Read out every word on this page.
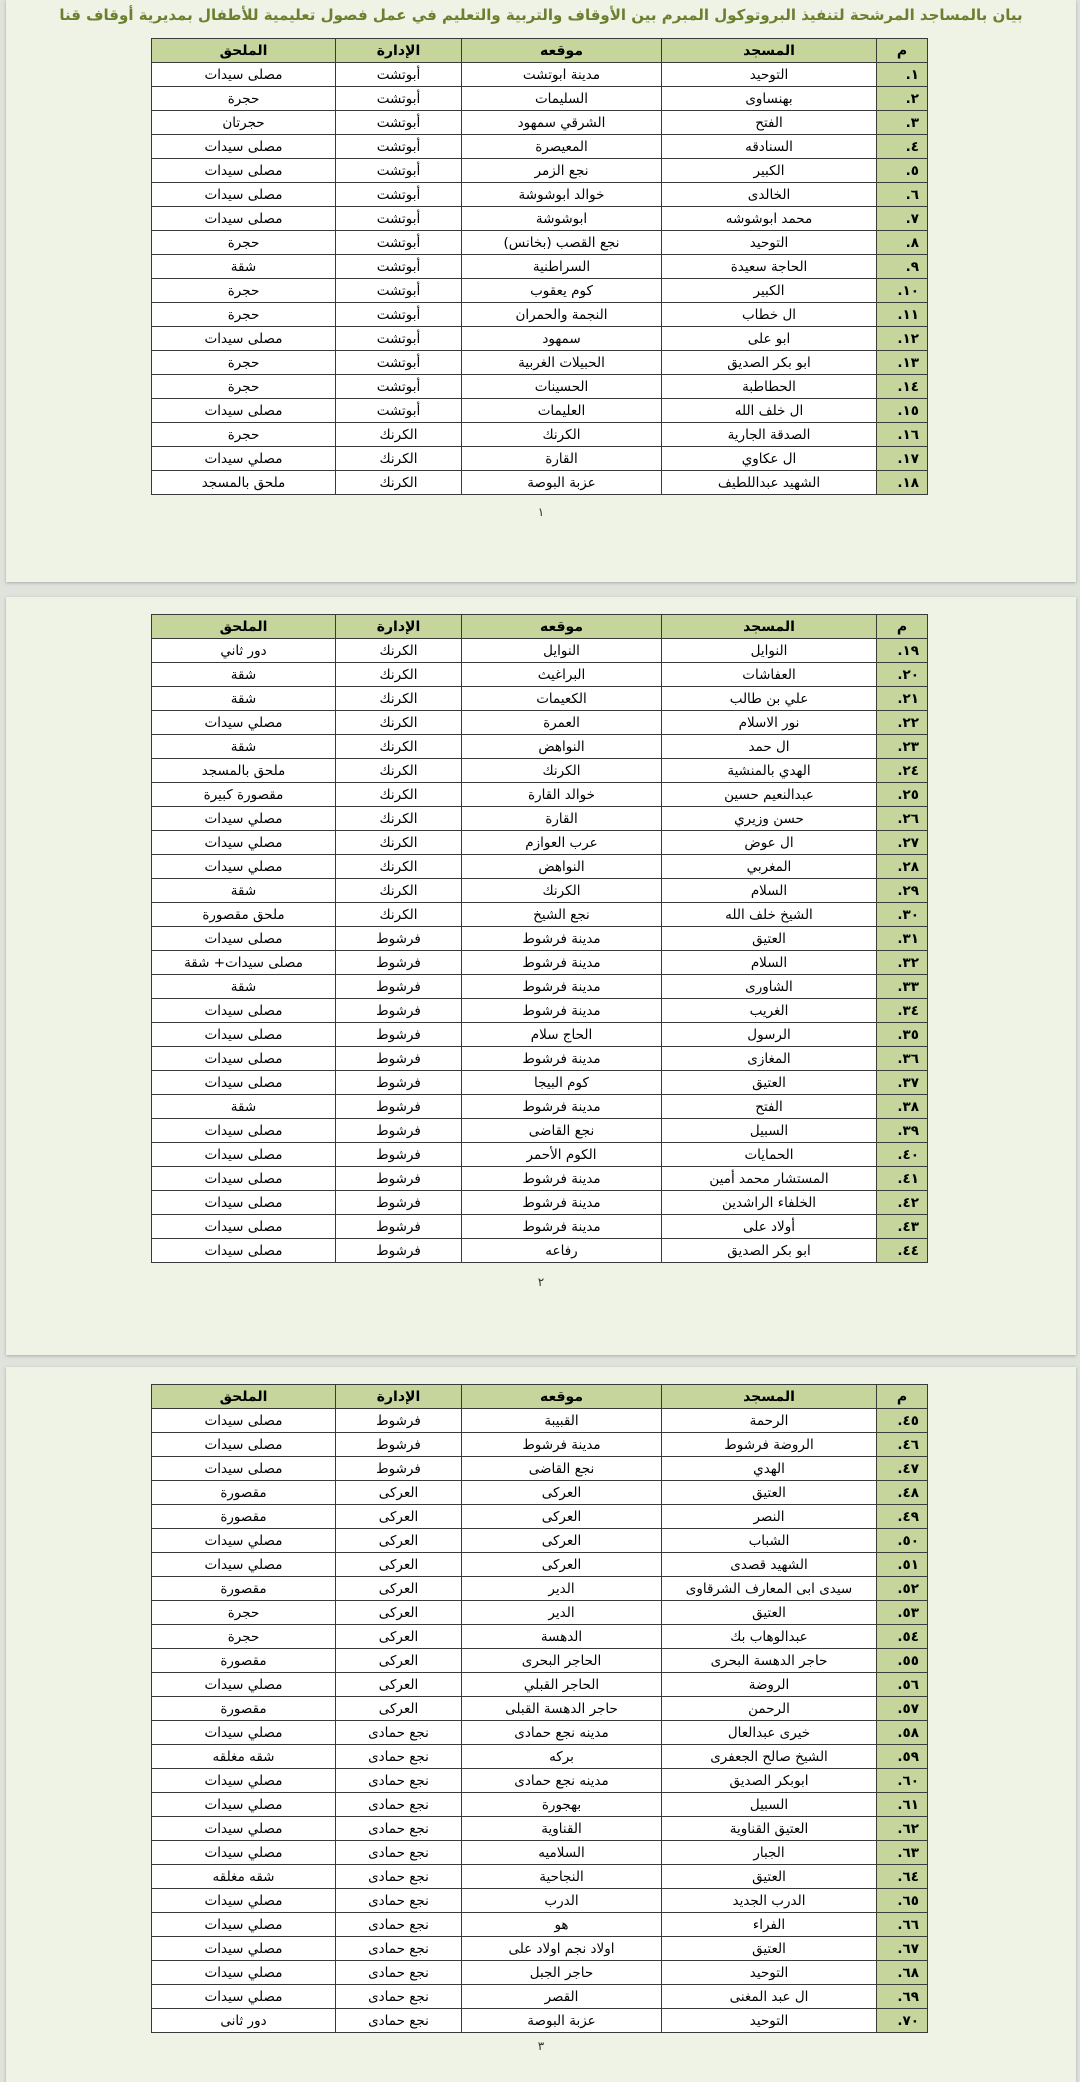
بيان بالمساجد المرشحة لتنفيذ البروتوكول المبرم بين الأوقاف والتربية والتعليم في عمل فصول تعليمية للأطفال بمديرية أوقاف قنا
م	المسجد	موقعه	الإدارة	الملحق
١.	التوحيد	مدينة ابوتشت	أبوتشت	مصلى سيدات
٢.	بهنساوى	السليمات	أبوتشت	حجرة
٣.	الفتح	الشرقي سمهود	أبوتشت	حجرتان
٤.	السنادقه	المعيصرة	أبوتشت	مصلى سيدات
٥.	الكبير	نجع الزمر	أبوتشت	مصلى سيدات
٦.	الخالدى	خوالد ابوشوشة	أبوتشت	مصلى سيدات
٧.	محمد ابوشوشه	ابوشوشة	أبوتشت	مصلى سيدات
٨.	التوحيد	نجع القصب (بخانس)	أبوتشت	حجرة
٩.	الحاجة سعيدة	السراطنية	أبوتشت	شقة
١٠.	الكبير	كوم يعقوب	أبوتشت	حجرة
١١.	ال خطاب	النجمة والحمران	أبوتشت	حجرة
١٢.	ابو على	سمهود	أبوتشت	مصلى سيدات
١٣.	ابو بكر الصديق	الحبيلات الغربية	أبوتشت	حجرة
١٤.	الحطاطبة	الحسينات	أبوتشت	حجرة
١٥.	ال خلف الله	العليمات	أبوتشت	مصلى سيدات
١٦.	الصدقة الجارية	الكرنك	الكرنك	حجرة
١٧.	ال عكاوي	القارة	الكرنك	مصلي سيدات
١٨.	الشهيد عبداللطيف	عزبة البوصة	الكرنك	ملحق بالمسجد
١
م	المسجد	موقعه	الإدارة	الملحق
١٩.	النوايل	النوايل	الكرنك	دور ثاني
٢٠.	العفاشات	البراغيث	الكرنك	شقة
٢١.	علي بن طالب	الكعيمات	الكرنك	شقة
٢٢.	نور الاسلام	العمرة	الكرنك	مصلي سيدات
٢٣.	ال حمد	النواهض	الكرنك	شقة
٢٤.	الهدي بالمنشية	الكرنك	الكرنك	ملحق بالمسجد
٢٥.	عبدالنعيم حسين	خوالد القارة	الكرنك	مقصورة كبيرة
٢٦.	حسن وزيري	القارة	الكرنك	مصلي سيدات
٢٧.	ال عوض	عرب العوازم	الكرنك	مصلي سيدات
٢٨.	المغربي	النواهض	الكرنك	مصلي سيدات
٢٩.	السلام	الكرنك	الكرنك	شقة
٣٠.	الشيخ خلف الله	نجع الشيخ	الكرنك	ملحق مقصورة
٣١.	العتيق	مدينة فرشوط	فرشوط	مصلى سيدات
٣٢.	السلام	مدينة فرشوط	فرشوط	مصلى سيدات+ شقة
٣٣.	الشاورى	مدينة فرشوط	فرشوط	شقة
٣٤.	الغريب	مدينة فرشوط	فرشوط	مصلى سيدات
٣٥.	الرسول	الحاج سلام	فرشوط	مصلى سيدات
٣٦.	المغازى	مدينة فرشوط	فرشوط	مصلى سيدات
٣٧.	العتيق	كوم البيجا	فرشوط	مصلى سيدات
٣٨.	الفتح	مدينة فرشوط	فرشوط	شقة
٣٩.	السبيل	نجع القاضى	فرشوط	مصلى سيدات
٤٠.	الحمايات	الكوم الأحمر	فرشوط	مصلى سيدات
٤١.	المستشار محمد أمين	مدينة فرشوط	فرشوط	مصلى سيدات
٤٢.	الخلفاء الراشدين	مدينة فرشوط	فرشوط	مصلى سيدات
٤٣.	أولاد على	مدينة فرشوط	فرشوط	مصلى سيدات
٤٤.	ابو بكر الصديق	رفاعه	فرشوط	مصلى سيدات
٢
م	المسجد	موقعه	الإدارة	الملحق
٤٥.	الرحمة	القبيبة	فرشوط	مصلى سيدات
٤٦.	الروضة فرشوط	مدينة فرشوط	فرشوط	مصلى سيدات
٤٧.	الهدي	نجع القاضى	فرشوط	مصلى سيدات
٤٨.	العتيق	العركى	العركى	مقصورة
٤٩.	النصر	العركى	العركى	مقصورة
٥٠.	الشباب	العركى	العركى	مصلي سيدات
٥١.	الشهيد قصدى	العركى	العركى	مصلي سيدات
٥٢.	سيدى ابى المعارف الشرقاوى	الدير	العركى	مقصورة
٥٣.	العتيق	الدير	العركى	حجرة
٥٤.	عبدالوهاب بك	الدهسة	العركى	حجرة
٥٥.	حاجر الدهسة البحرى	الحاجر البحرى	العركى	مقصورة
٥٦.	الروضة	الحاجر القبلي	العركى	مصلي سيدات
٥٧.	الرحمن	حاجر الدهسة القبلى	العركى	مقصورة
٥٨.	خيرى عبدالعال	مدينه نجع حمادى	نجع حمادى	مصلي سيدات
٥٩.	الشيخ صالح الجعفرى	بركه	نجع حمادى	شقه مغلقه
٦٠.	ابوبكر الصديق	مدينه نجع حمادى	نجع حمادى	مصلي سيدات
٦١.	السبيل	بهجورة	نجع حمادى	مصلي سيدات
٦٢.	العتيق القناوية	القناوية	نجع حمادى	مصلي سيدات
٦٣.	الجبار	السلاميه	نجع حمادى	مصلي سيدات
٦٤.	العتيق	النجاحية	نجع حمادى	شقه مغلقه
٦٥.	الدرب الجديد	الدرب	نجع حمادى	مصلي سيدات
٦٦.	الفراء	هو	نجع حمادى	مصلي سيدات
٦٧.	العتيق	اولاد نجم اولاد على	نجع حمادى	مصلي سيدات
٦٨.	التوحيد	حاجر الجبل	نجع حمادى	مصلي سيدات
٦٩.	ال عبد المغنى	القصر	نجع حمادى	مصلي سيدات
٧٠.	التوحيد	عزبة البوصة	نجع حمادى	دور ثانى
٣
